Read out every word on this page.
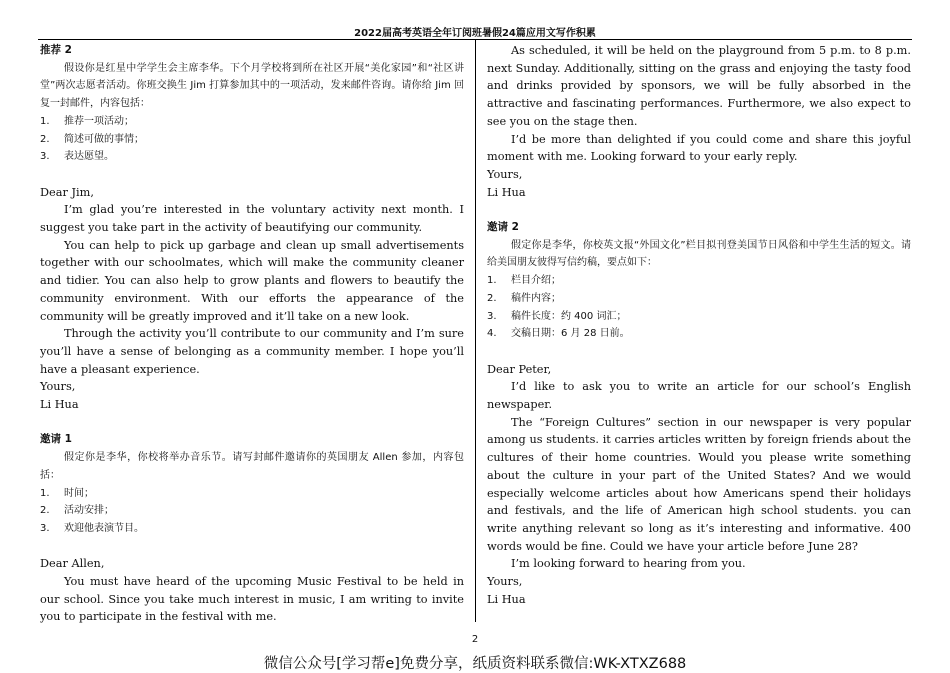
2022届高考英语全年订阅班暑假24篇应用文写作积累
推荐 2

假设你是红星中学学生会主席李华。下个月学校将到所在社区开展“美化家园”和“社区讲堂”两次志愿者活动。你班交换生 Jim 打算参加其中的一项活动，发来邮件咨询。请你给 Jim 回复一封邮件，内容包括：

1.	推荐一项活动；
2.	简述可做的事情；
3.	表达愿望。

Dear Jim,

I’m glad you’re interested in the voluntary activity next month. I suggest you take part in the activity of beautifying our community.

You can help to pick up garbage and clean up small advertisements together with our schoolmates, which will make the community cleaner and tidier. You can also help to grow plants and flowers to beautify the community environment. With our efforts the appearance of the community will be greatly improved and it’ll take on a new look.

Through the activity you’ll contribute to our community and I’m sure you’ll have a sense of belonging as a community member. I hope you’ll have a pleasant experience.

Yours,

Li Hua

邀请 1

假定你是李华，你校将举办音乐节。请写封邮件邀请你的英国朋友 Allen 参加，内容包括：

1.	时间；
2.	活动安排；
3.	欢迎他表演节目。

Dear Allen,

You must have heard of the upcoming Music Festival to be held in our school. Since you take much interest in music, I am writing to invite you to participate in the festival with me.

As scheduled, it will be held on the playground from 5 p.m. to 8 p.m. next Sunday. Additionally, sitting on the grass and enjoying the tasty food and drinks provided by sponsors, we will be fully absorbed in the attractive and fascinating performances. Furthermore, we also expect to see you on the stage then.

I’d be more than delighted if you could come and share this joyful moment with me. Looking forward to your early reply.

Yours,

Li Hua

邀请 2

假定你是李华，你校英文报“外国文化”栏目拟刊登美国节日风俗和中学生生活的短文。请给美国朋友彼得写信约稿，要点如下：

1.	栏目介绍；
2.	稿件内容；
3.	稿件长度：约 400 词汇；
4.	交稿日期：6 月 28 日前。

Dear Peter,

I’d like to ask you to write an article for our school’s English newspaper.

The “Foreign Cultures” section in our newspaper is very popular among us students. it carries articles written by foreign friends about the cultures of their home countries. Would you please write something about the culture in your part of the United States? And we would especially welcome articles about how Americans spend their holidays and festivals, and the life of American high school students. you can write anything relevant so long as it’s interesting and informative. 400 words would be fine. Could we have your article before June 28?

I’m looking forward to hearing from you.

Yours,

Li Hua

2
微信公众号[学习帮e]免费分享，纸质资料联系微信:WK-XTXZ688
